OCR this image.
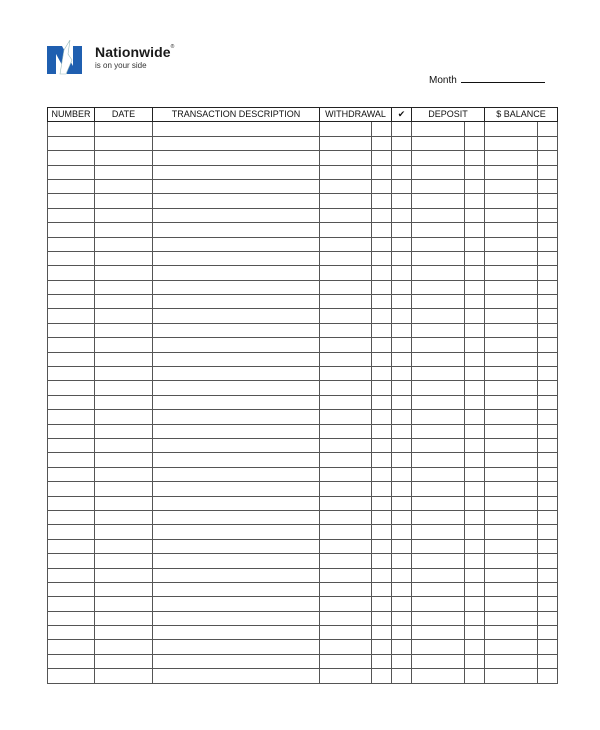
Nationwide®
is on your side
Month
NUMBER	DATE	TRANSACTION DESCRIPTION	WITHDRAWAL		✔	DEPOSIT		$ BALANCE	
